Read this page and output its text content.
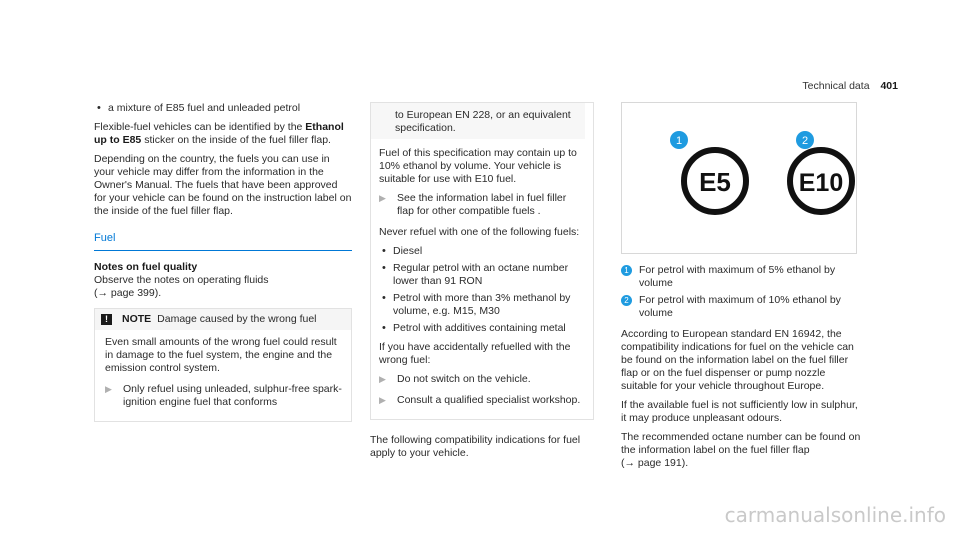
Technical data 401
• a mixture of E85 fuel and unleaded petrol

Flexible-fuel vehicles can be identified by the Ethanol up to E85 sticker on the inside of the fuel filler flap.

Depending on the country, the fuels you can use in your vehicle may differ from the information in the Owner's Manual. The fuels that have been approved for your vehicle can be found on the instruction label on the inside of the fuel filler flap.

Fuel

Notes on fuel quality

Observe the notes on operating fluids
(→ page 399).

!	NOTE Damage caused by the wrong fuel

Even small amounts of the wrong fuel could result in damage to the fuel system, the engine and the emission control system.

▶	Only refuel using unleaded, sulphur-free spark-ignition engine fuel that conforms

to European EN 228, or an equivalent specification.

Fuel of this specification may contain up to 10% ethanol by volume. Your vehicle is suitable for use with E10 fuel.

▶	See the information label in fuel filler flap for other compatible fuels .

Never refuel with one of the following fuels:

• Diesel
• Regular petrol with an octane number lower than 91 RON
• Petrol with more than 3% methanol by volume, e.g. M15, M30
• Petrol with additives containing metal

If you have accidentally refuelled with the wrong fuel:

▶	Do not switch on the vehicle.
▶	Consult a qualified specialist workshop.

The following compatibility indications for fuel apply to your vehicle.

1	2
E5	E10
1 For petrol with maximum of 5% ethanol by volume
2 For petrol with maximum of 10% ethanol by volume

According to European standard EN 16942, the compatibility indications for fuel on the vehicle can be found on the information label on the fuel filler flap or on the fuel dispenser or pump nozzle suitable for your vehicle throughout Europe.

If the available fuel is not sufficiently low in sulphur, it may produce unpleasant odours.

The recommended octane number can be found on the information label on the fuel filler flap
(→ page 191).

carmanualsonline.info
